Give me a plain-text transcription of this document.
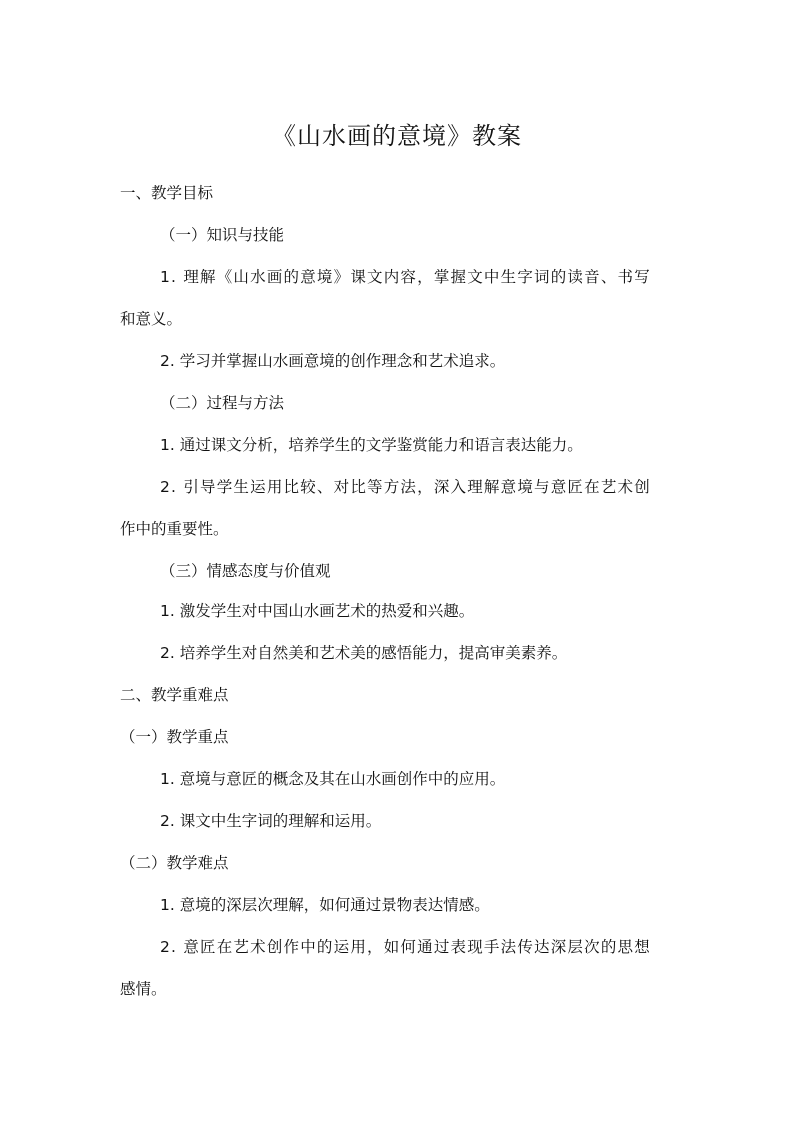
《山水画的意境》教案
一、教学目标
（一）知识与技能
1. 理解《山水画的意境》课文内容，掌握文中生字词的读音、书写
和意义。
2. 学习并掌握山水画意境的创作理念和艺术追求。
（二）过程与方法
1. 通过课文分析，培养学生的文学鉴赏能力和语言表达能力。
2. 引导学生运用比较、对比等方法，深入理解意境与意匠在艺术创
作中的重要性。
（三）情感态度与价值观
1. 激发学生对中国山水画艺术的热爱和兴趣。
2. 培养学生对自然美和艺术美的感悟能力，提高审美素养。
二、教学重难点
（一）教学重点
1. 意境与意匠的概念及其在山水画创作中的应用。
2. 课文中生字词的理解和运用。
（二）教学难点
1. 意境的深层次理解，如何通过景物表达情感。
2. 意匠在艺术创作中的运用，如何通过表现手法传达深层次的思想
感情。
